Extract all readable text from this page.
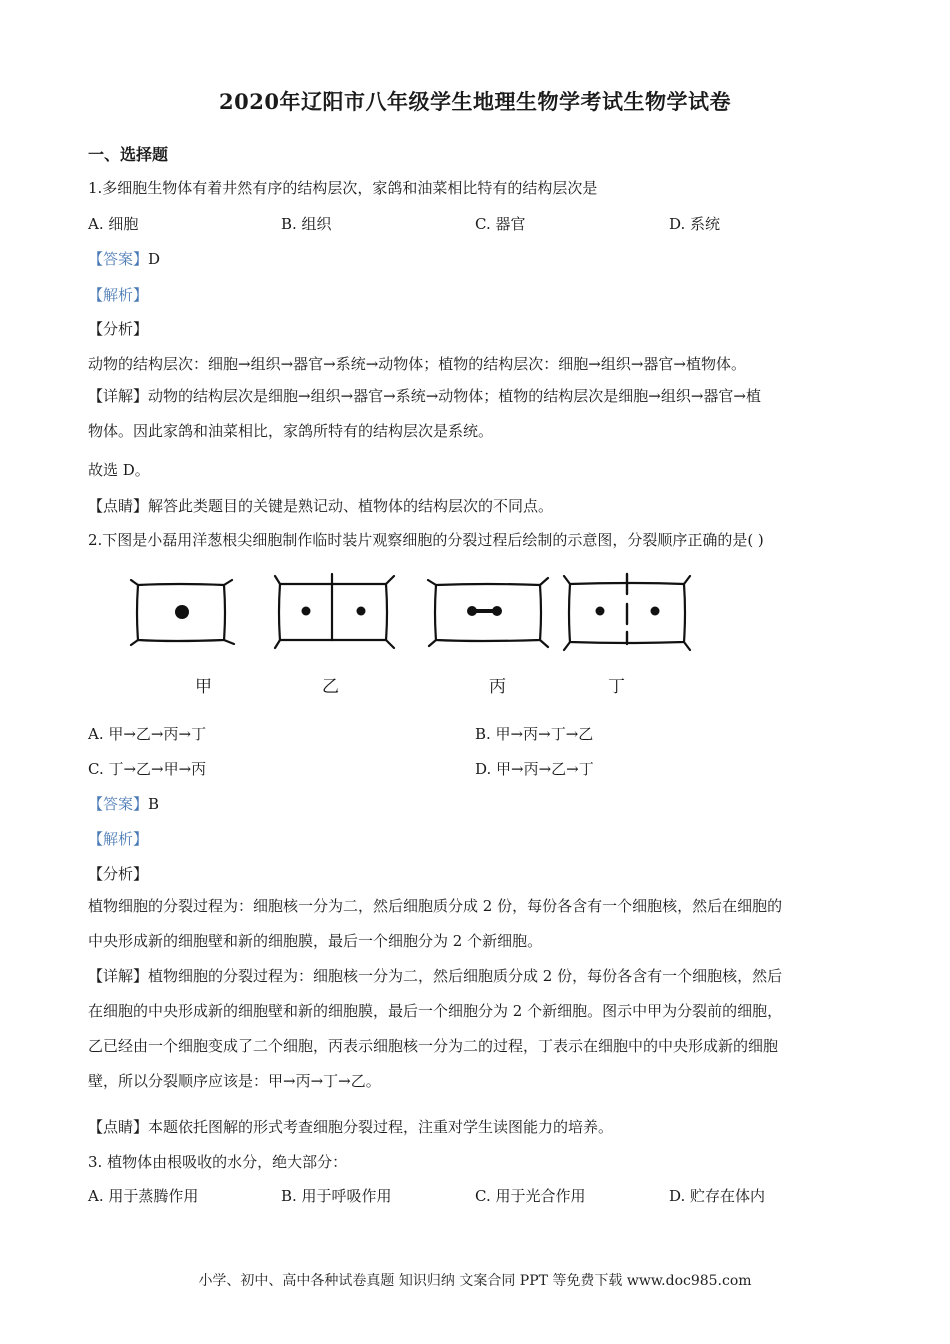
2020年辽阳市八年级学生地理生物学考试生物学试卷
一、选择题
1.多细胞生物体有着井然有序的结构层次，家鸽和油菜相比特有的结构层次是
A. 细胞	B. 组织	C. 器官	D. 系统
【答案】D
【解析】
【分析】
动物的结构层次：细胞→组织→器官→系统→动物体；植物的结构层次：细胞→组织→器官→植物体。
【详解】动物的结构层次是细胞→组织→器官→系统→动物体；植物的结构层次是细胞→组织→器官→植
物体。因此家鸽和油菜相比，家鸽所特有的结构层次是系统。
故选 D。
【点睛】解答此类题目的关键是熟记动、植物体的结构层次的不同点。
2.下图是小磊用洋葱根尖细胞制作临时装片观察细胞的分裂过程后绘制的示意图，分裂顺序正确的是( )
甲	乙	丙	丁
A. 甲→乙→丙→丁	B. 甲→丙→丁→乙
C. 丁→乙→甲→丙	D. 甲→丙→乙→丁
【答案】B
【解析】
【分析】
植物细胞的分裂过程为：细胞核一分为二，然后细胞质分成 2 份，每份各含有一个细胞核，然后在细胞的
中央形成新的细胞壁和新的细胞膜，最后一个细胞分为 2 个新细胞。
【详解】植物细胞的分裂过程为：细胞核一分为二，然后细胞质分成 2 份，每份各含有一个细胞核，然后
在细胞的中央形成新的细胞壁和新的细胞膜，最后一个细胞分为 2 个新细胞。图示中甲为分裂前的细胞，
乙已经由一个细胞变成了二个细胞，丙表示细胞核一分为二的过程，丁表示在细胞中的中央形成新的细胞
壁，所以分裂顺序应该是：甲→丙→丁→乙。
【点睛】本题依托图解的形式考查细胞分裂过程，注重对学生读图能力的培养。
3. 植物体由根吸收的水分，绝大部分：
A. 用于蒸腾作用	B. 用于呼吸作用	C. 用于光合作用	D. 贮存在体内
小学、初中、高中各种试卷真题 知识归纳 文案合同 PPT 等免费下载 www.doc985.com
